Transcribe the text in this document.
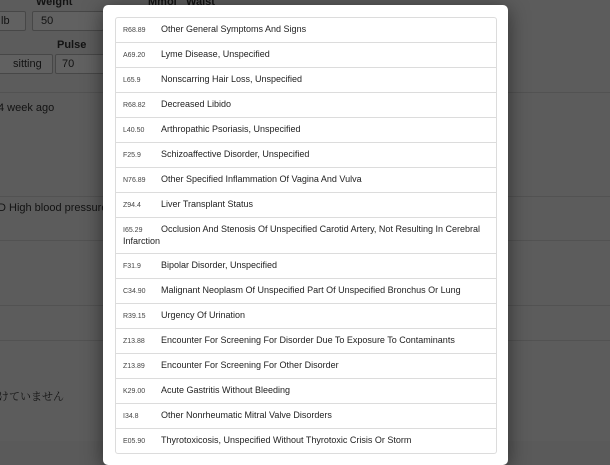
R68.89 Other General Symptoms And Signs
A69.20 Lyme Disease, Unspecified
L65.9 Nonscarring Hair Loss, Unspecified
R68.82 Decreased Libido
L40.50 Arthropathic Psoriasis, Unspecified
F25.9 Schizoaffective Disorder, Unspecified
N76.89 Other Specified Inflammation Of Vagina And Vulva
Z94.4 Liver Transplant Status
I65.29 Occlusion And Stenosis Of Unspecified Carotid Artery, Not Resulting In Cerebral Infarction
F31.9 Bipolar Disorder, Unspecified
C34.90 Malignant Neoplasm Of Unspecified Part Of Unspecified Bronchus Or Lung
R39.15 Urgency Of Urination
Z13.88 Encounter For Screening For Disorder Due To Exposure To Contaminants
Z13.89 Encounter For Screening For Other Disorder
K29.00 Acute Gastritis Without Bleeding
I34.8 Other Nonrheumatic Mitral Valve Disorders
E05.90 Thyrotoxicosis, Unspecified Without Thyrotoxic Crisis Or Storm
